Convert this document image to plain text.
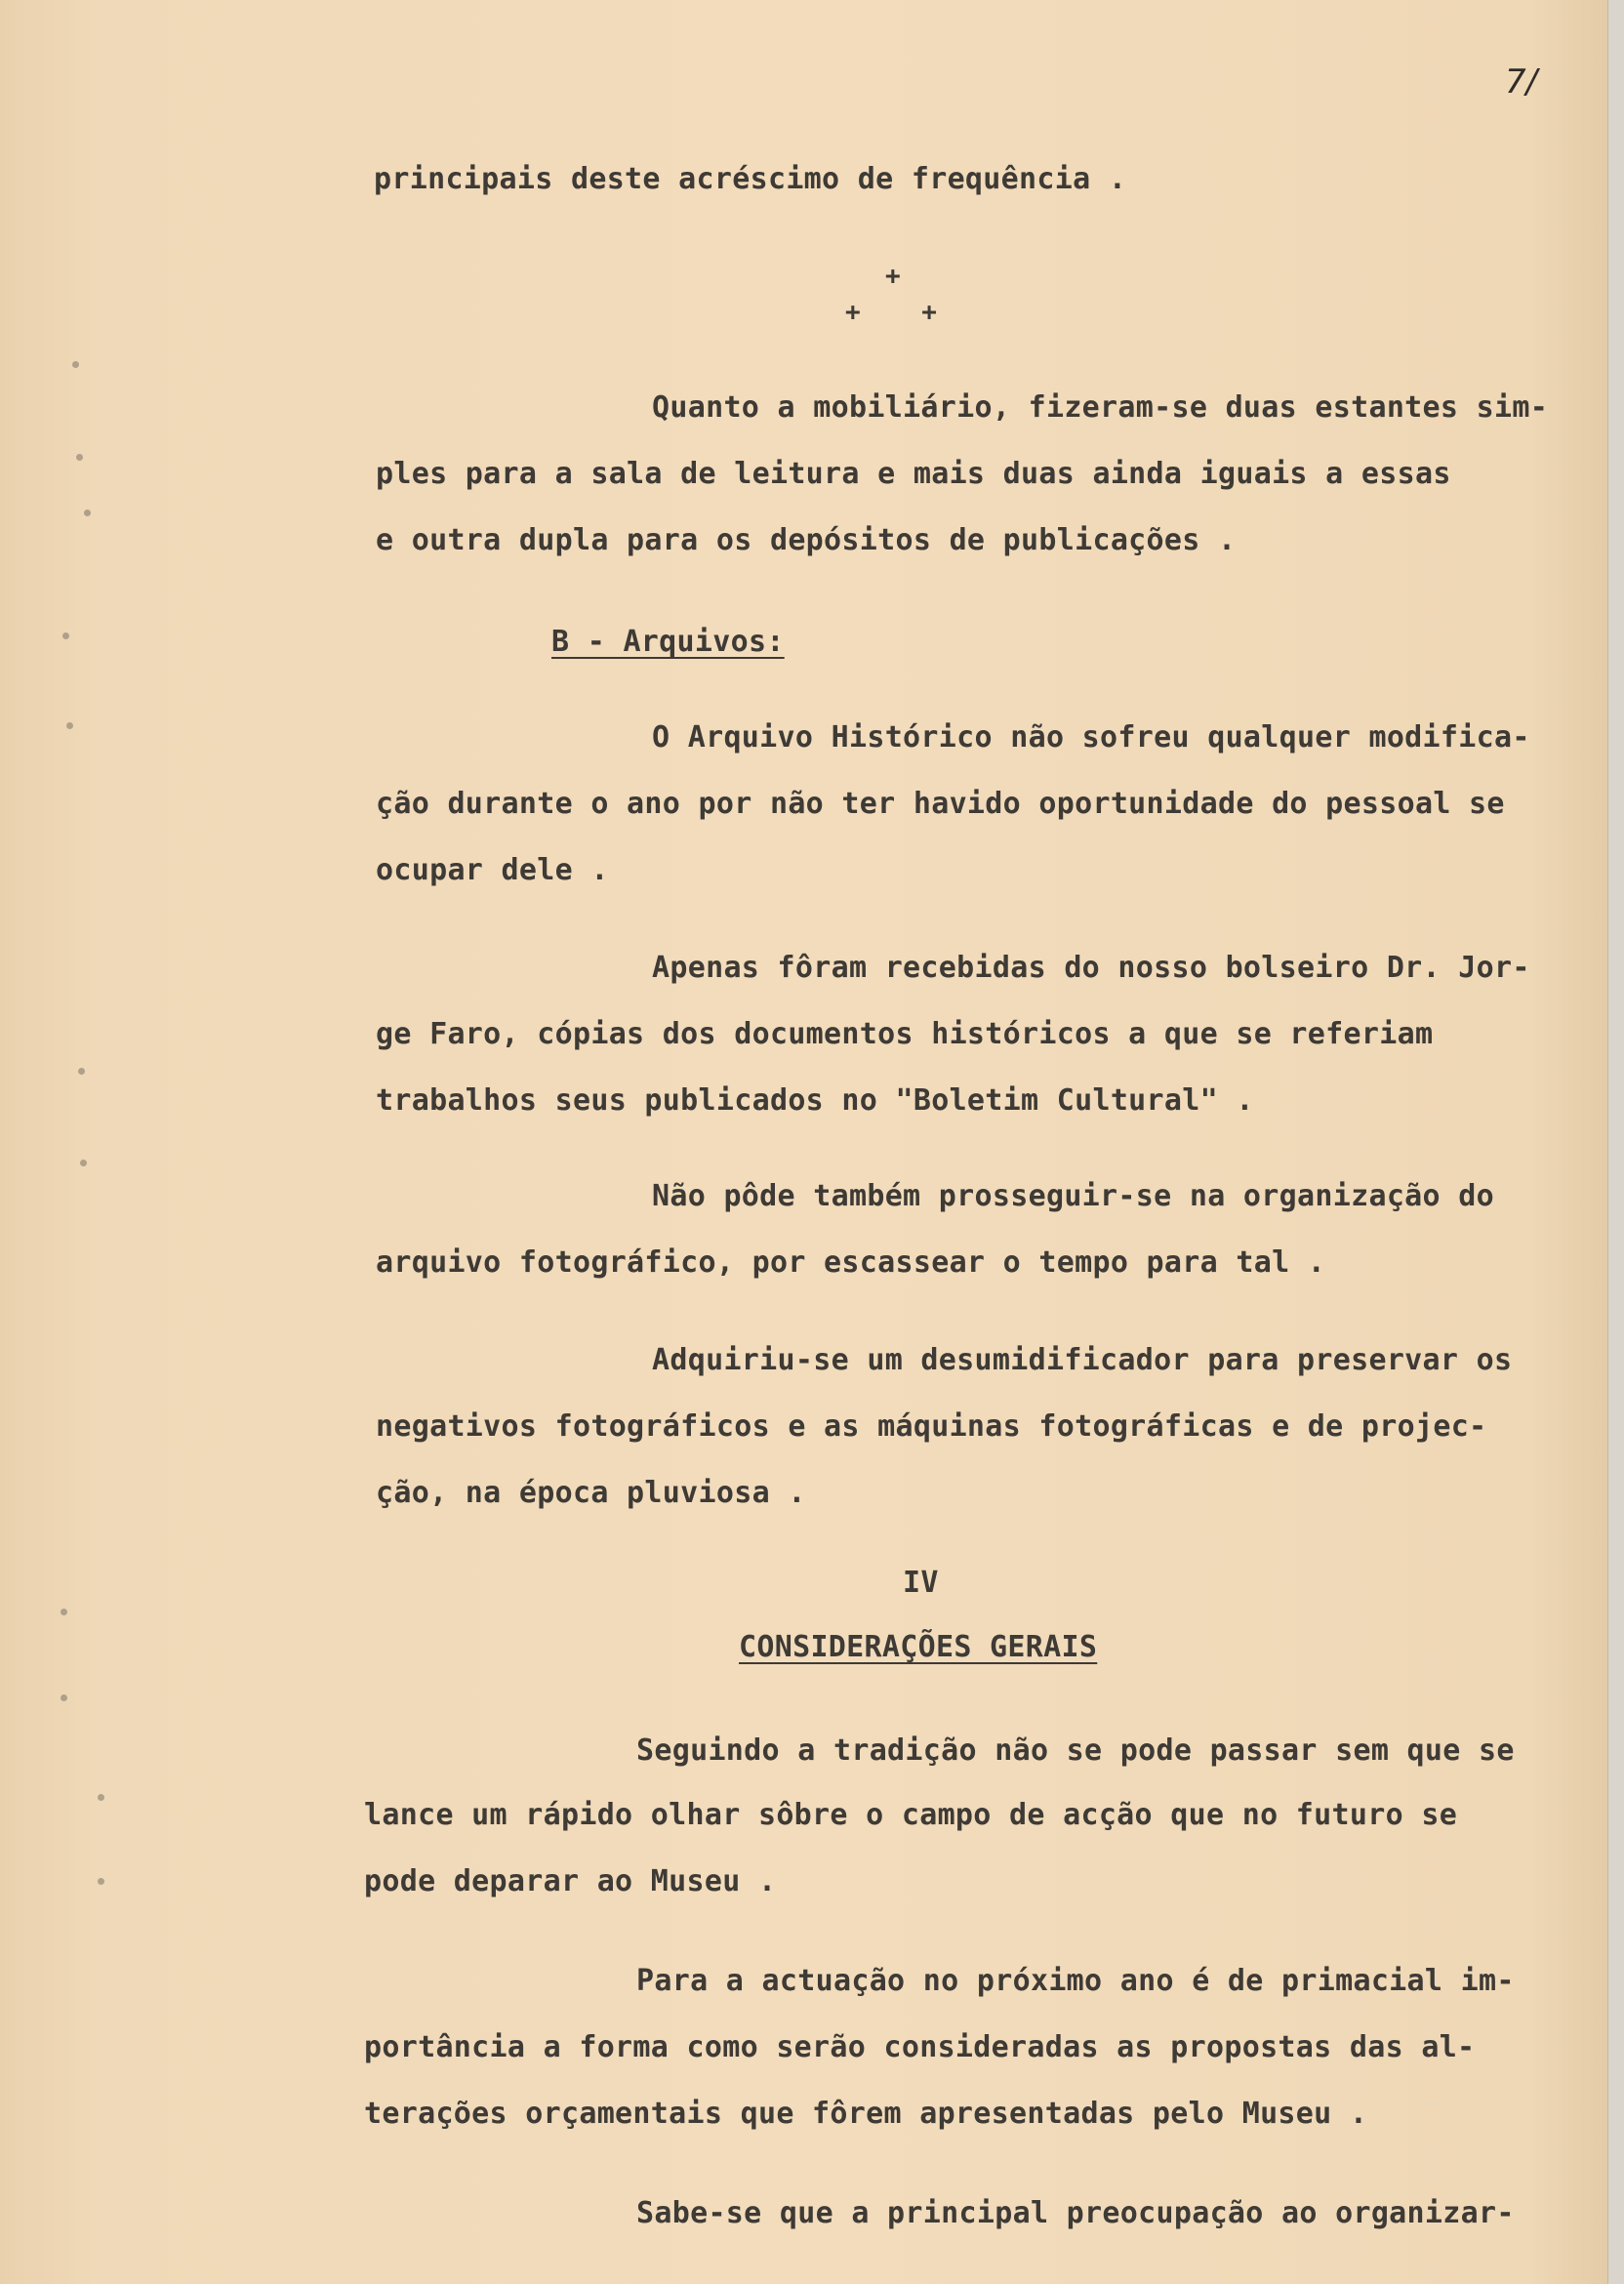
7/
principais deste acréscimo de frequência .
+
+    +
Quanto a mobiliário, fizeram-se duas estantes sim-
ples para a sala de leitura e mais duas ainda iguais a essas
e outra dupla para os depósitos de publicações .
B - Arquivos:
O Arquivo Histórico não sofreu qualquer modifica-
ção durante o ano por não ter havido oportunidade do pessoal se
ocupar dele .
Apenas fôram recebidas do nosso bolseiro Dr. Jor-
ge Faro, cópias dos documentos históricos a que se referiam
trabalhos seus publicados no "Boletim Cultural" .
Não pôde também prosseguir-se na organização do
arquivo fotográfico, por escassear o tempo para tal .
Adquiriu-se um desumidificador para preservar os
negativos fotográficos e as máquinas fotográficas e de projec-
ção, na época pluviosa .
IV
CONSIDERAÇÕES GERAIS
Seguindo a tradição não se pode passar sem que se
lance um rápido olhar sôbre o campo de acção que no futuro se
pode deparar ao Museu .
Para a actuação no próximo ano é de primacial im-
portância a forma como serão consideradas as propostas das al-
terações orçamentais que fôrem apresentadas pelo Museu .
Sabe-se que a principal preocupação ao organizar-
